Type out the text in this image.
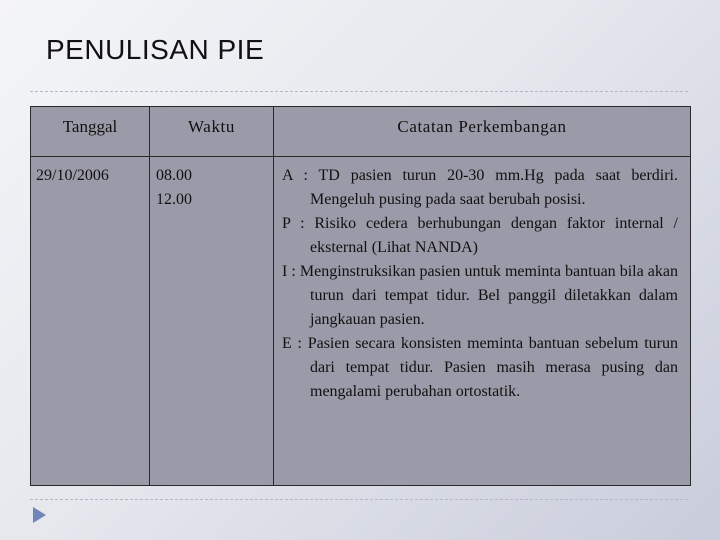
PENULISAN PIE
Tanggal
29/10/2006
Waktu
08.00
12.00
Catatan Perkembangan
A : TD pasien turun 20-30 mm.Hg pada saat berdiri. Mengeluh pusing pada saat berubah posisi.
P : Risiko cedera berhubungan dengan faktor internal / eksternal (Lihat NANDA)
I : Menginstruksikan pasien untuk meminta bantuan bila akan turun dari tempat tidur. Bel panggil diletakkan dalam jangkauan pasien.
E : Pasien secara konsisten meminta bantuan sebelum turun dari tempat tidur. Pasien masih merasa pusing dan mengalami perubahan ortostatik.
